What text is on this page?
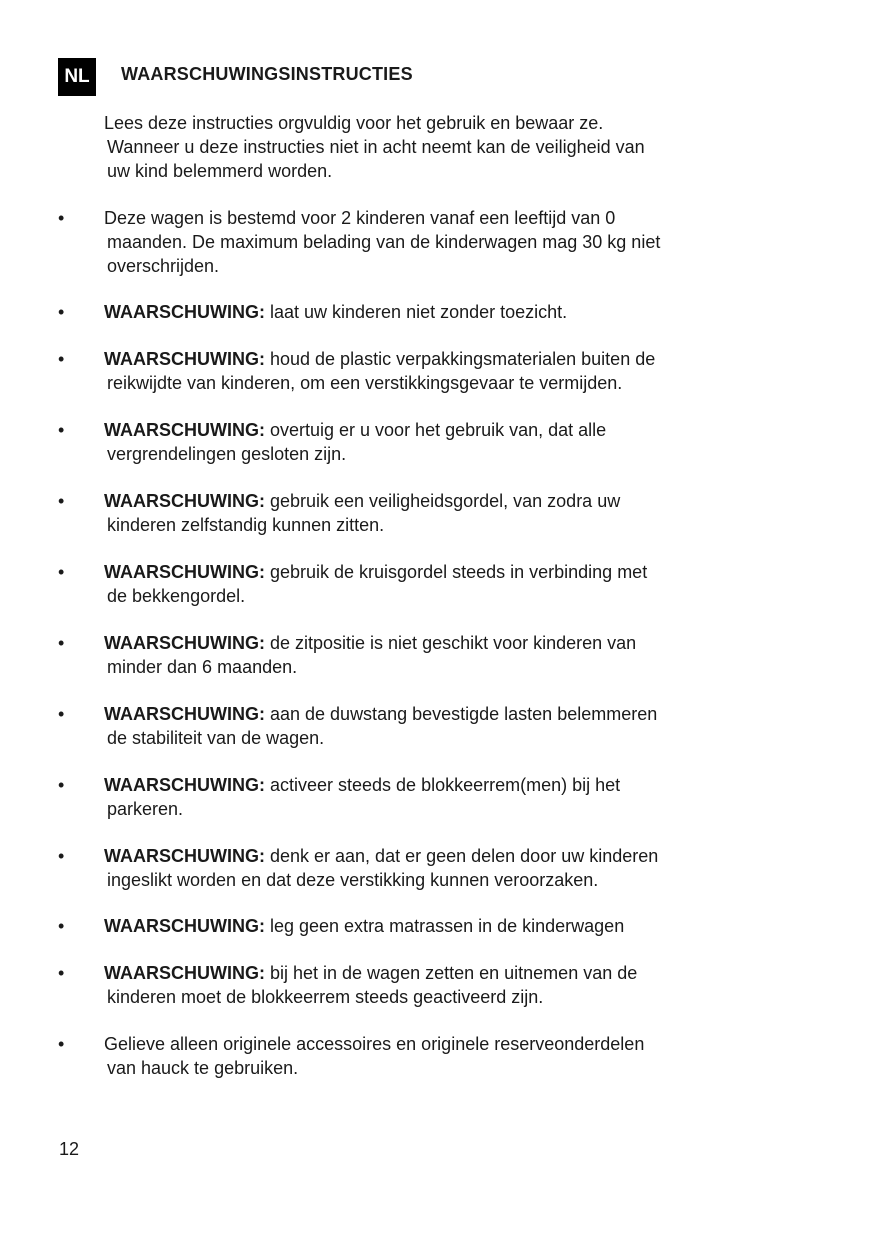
NL	WAARSCHUWINGSINSTRUCTIES
Lees deze instructies orgvuldig voor het gebruik en bewaar ze.
Wanneer u deze instructies niet in acht neemt kan de veiligheid van
uw kind belemmerd worden.
• Deze wagen is bestemd voor 2 kinderen vanaf een leeftijd van 0
maanden. De maximum belading van de kinderwagen mag 30 kg niet
overschrijden.
• WAARSCHUWING: laat uw kinderen niet zonder toezicht.
• WAARSCHUWING: houd de plastic verpakkingsmaterialen buiten de
reikwijdte van kinderen, om een verstikkingsgevaar te vermijden.
• WAARSCHUWING: overtuig er u voor het gebruik van, dat alle
vergrendelingen gesloten zijn.
• WAARSCHUWING: gebruik een veiligheidsgordel, van zodra uw
kinderen zelfstandig kunnen zitten.
• WAARSCHUWING: gebruik de kruisgordel steeds in verbinding met
de bekkengordel.
• WAARSCHUWING: de zitpositie is niet geschikt voor kinderen van
minder dan 6 maanden.
• WAARSCHUWING: aan de duwstang bevestigde lasten belemmeren
de stabiliteit van de wagen.
• WAARSCHUWING: activeer steeds de blokkeerrem(men) bij het
parkeren.
• WAARSCHUWING: denk er aan, dat er geen delen door uw kinderen
ingeslikt worden en dat deze verstikking kunnen veroorzaken.
• WAARSCHUWING: leg geen extra matrassen in de kinderwagen
• WAARSCHUWING: bij het in de wagen zetten en uitnemen van de
kinderen moet de blokkeerrem steeds geactiveerd zijn.
• Gelieve alleen originele accessoires en originele reserveonderdelen
van hauck te gebruiken.
12
